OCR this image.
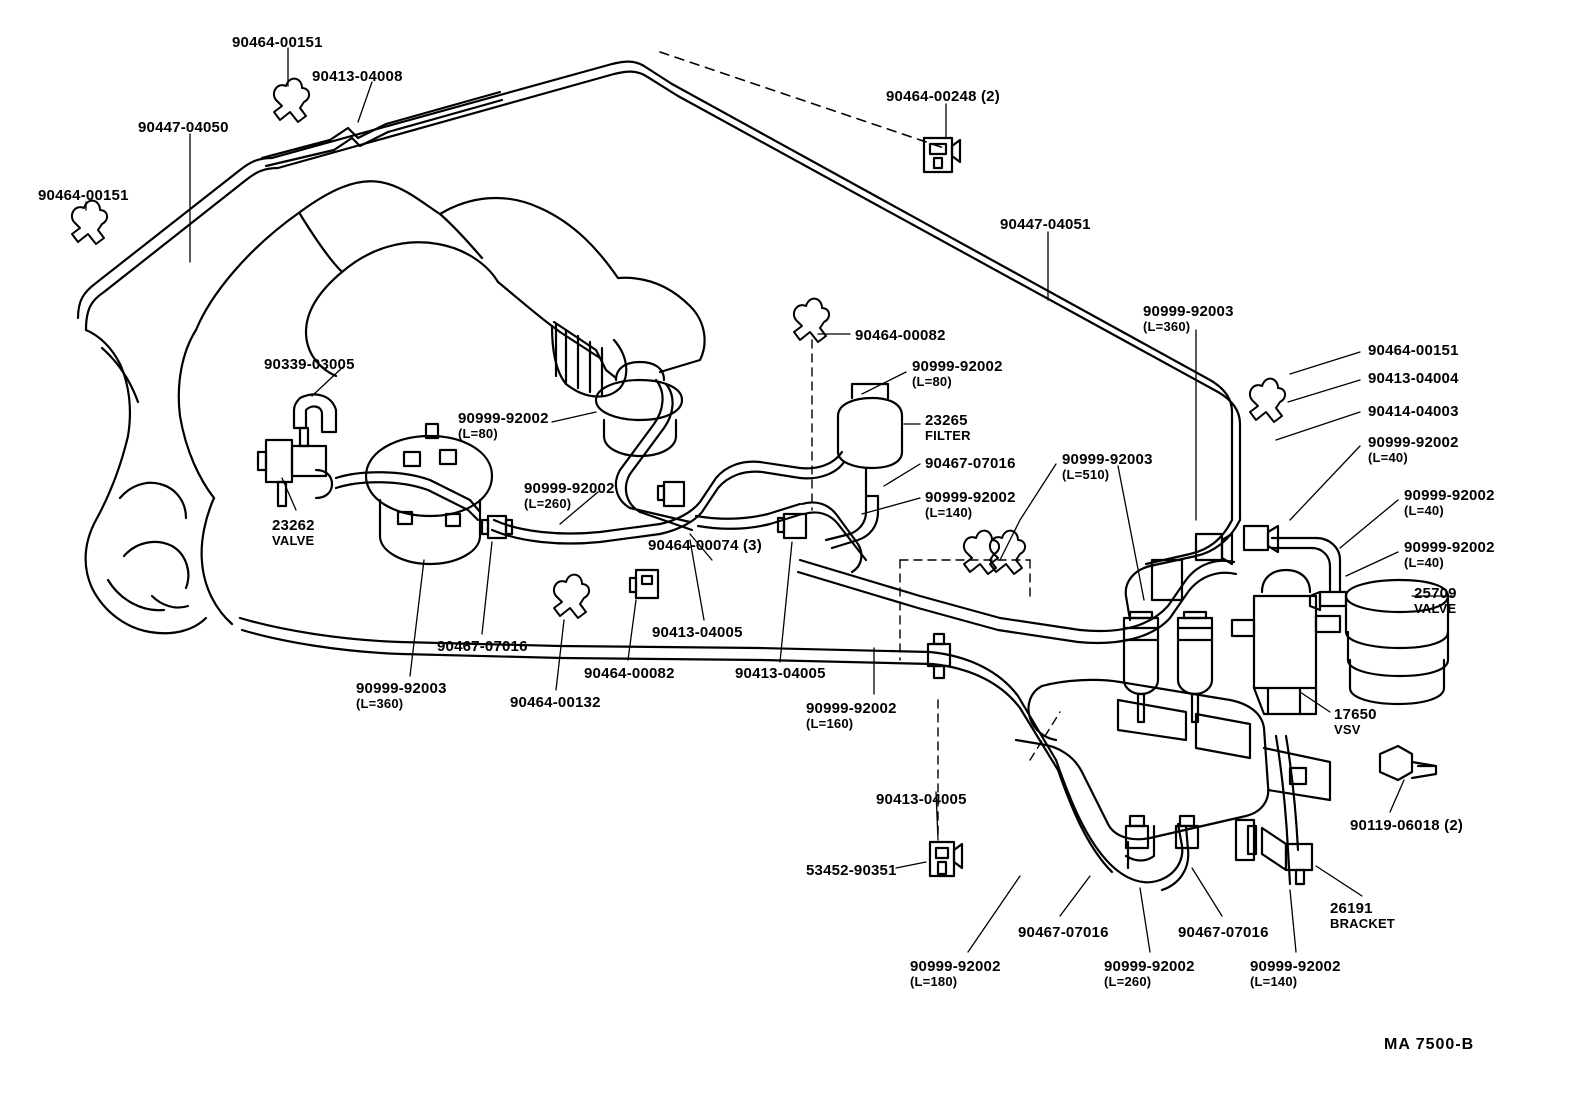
90464-00151
90413-04008
90447-04050
90464-00151
90464-00248 (2)
90447-04051
90999-92003
(L=360)
90464-00151
90413-04004
90414-04003
90999-92002
(L=40)
90999-92002
(L=40)
90999-92002
(L=40)
25709
VALVE
90464-00082
90999-92002
(L=80)
23265
FILTER
90467-07016
90999-92002
(L=140)
90464-00074 (3)
90999-92003
(L=510)
90999-92002
(L=80)
90999-92002
(L=260)
90339-03005
23262
VALVE
90467-07016
90999-92003
(L=360)	90464-00132
90464-00082
90413-04005
90413-04005
90999-92002
(L=160)
17650
VSV
90119-06018 (2)
90413-04005
53452-90351
26191
BRACKET
90467-07016	90467-07016
90999-92002
(L=180)
90999-92002
(L=260)
90999-92002
(L=140)
MA 7500-B
